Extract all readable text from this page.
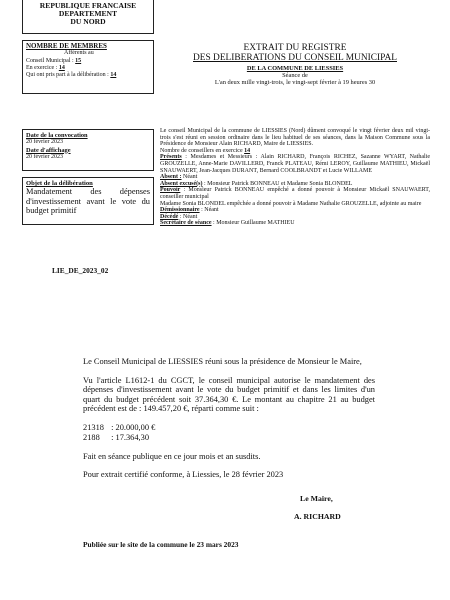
REPUBLIQUE FRANCAISE
DEPARTEMENT
DU NORD
NOMBRE DE MEMBRES
Afférents au
Conseil Municipal : 15
En exercice : 14
Qui ont pris part à la délibération : 14
Date de la convocation
20 février 2023
Date d'affichage
20 février 2023
Objet de la délibération
Mandatement des dépenses d'investissement avant le vote du budget primitif
LIE_DE_2023_02
EXTRAIT DU REGISTRE
DES DELIBERATIONS DU CONSEIL MUNICIPAL
DE LA COMMUNE DE LIESSIES
Séance de
L'an deux mille vingt-trois, le vingt-sept février à 19 heures 30
Le conseil Municipal de la commune de LIESSIES (Nord) dûment convoqué le vingt février deux mil vingt-trois s'est réuni en session ordinaire dans le lieu habituel de ses séances, dans la Maison Commune sous la Présidence de Monsieur Alain RICHARD, Maire de LIESSIES.
Nombre de conseillers en exercice 14
Présents : Mesdames et Messieurs : Alain RICHARD, François RICHEZ, Sazanne WYART, Nathalie GROUZELLE, Anne-Marie DAVILLERD, Franck PLATEAU, Rémi LEROY, Guillaume MATHIEU, Mickaël SNAUWAERT, Jean-Jacques DURANT, Bernard COOLBRANDT et Lucie WILLAME
Absent : Néant
Absent excusé(s) : Monsieur Patrick BONNEAU et Madame Sonia BLONDEL
Pouvoir : Monsieur Patrick BONNEAU empêché a donné pouvoir à Monsieur Mickaël SNAUWAERT, conseiller municipal
Madame Sonia BLONDEL empêchée a donné pouvoir à Madame Nathalie GROUZELLE, adjointe au maire
Démissionnaire : Néant
Décédé : Néant
Secrétaire de séance : Monsieur Guillaume MATHIEU
Le Conseil Municipal de LIESSIES réuni sous la présidence de Monsieur le Maire,
Vu l'article L1612-1 du CGCT, le conseil municipal autorise le mandatement des dépenses d'investissement avant le vote du budget primitif et dans les limites d'un quart du budget précédent soit 37.364,30 €. Le montant au chapitre 21 au budget précédent est de : 149.457,20 €, réparti comme suit :
21318 : 20.000,00 €
2188 : 17.364,30
Fait en séance publique en ce jour mois et an susdits.
Pour extrait certifié conforme, à Liessies, le 28 février 2023
Le Maire,
A. RICHARD
Publiée sur le site de la commune le 23 mars 2023
